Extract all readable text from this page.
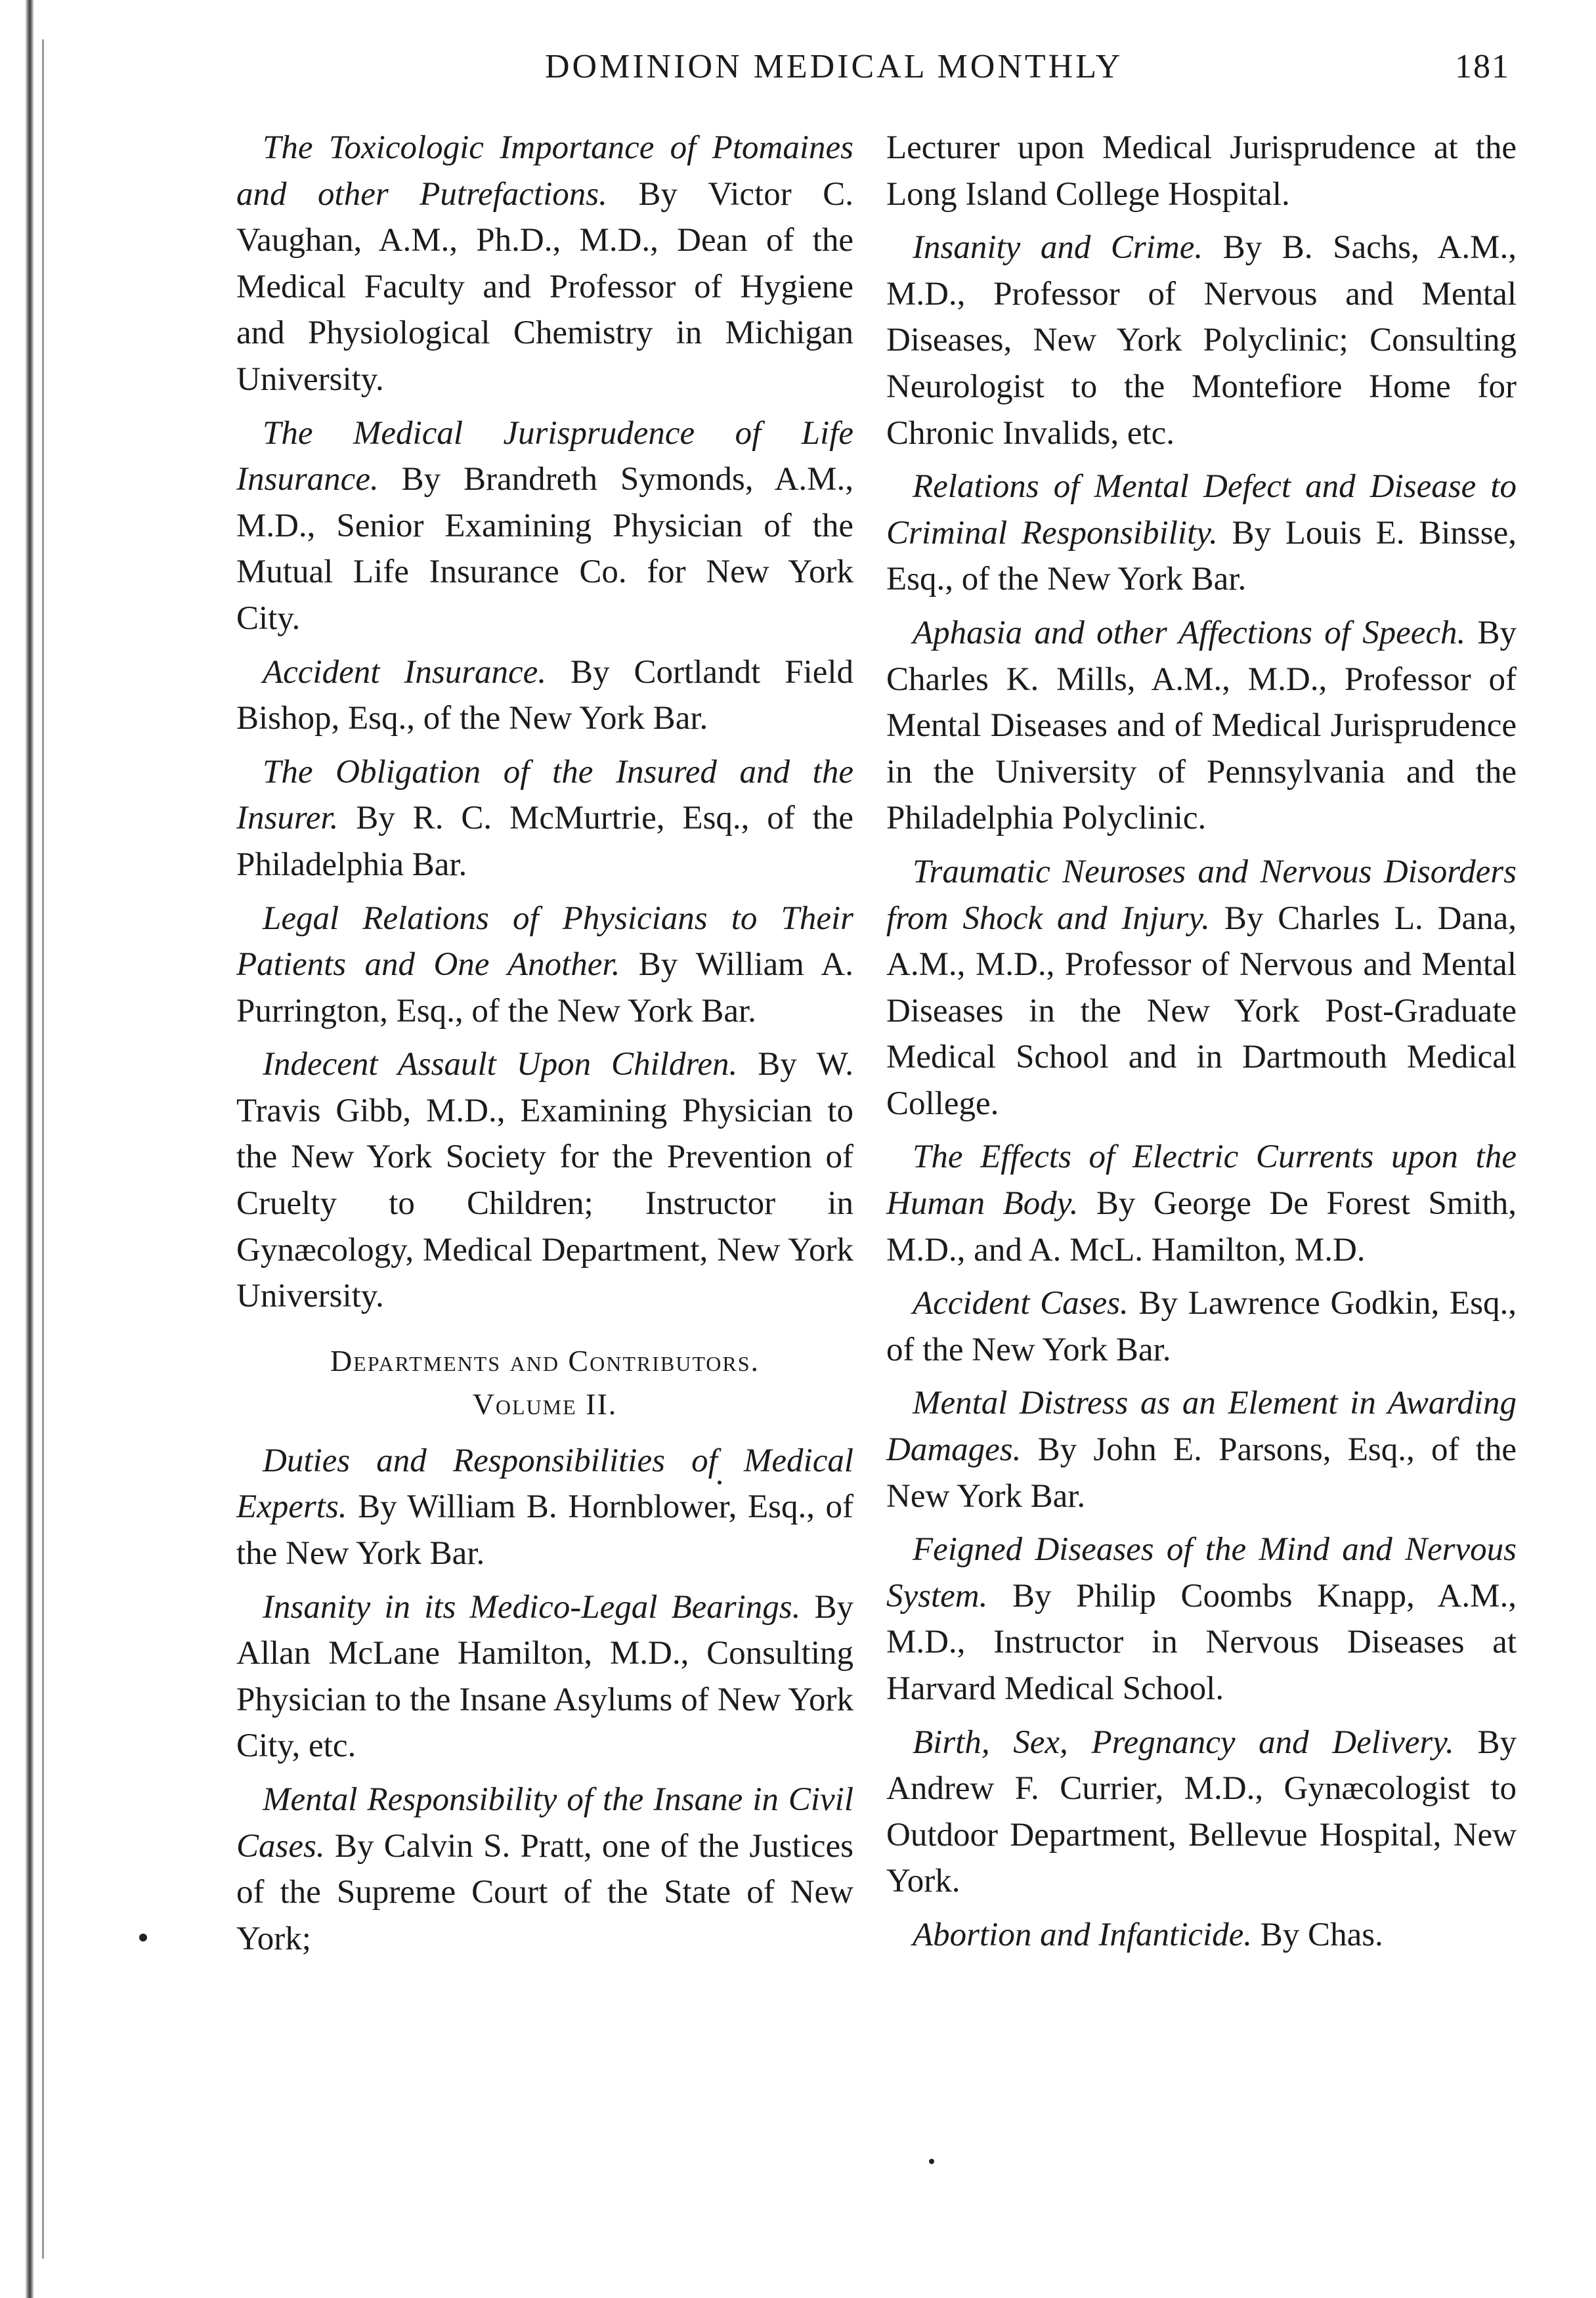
DOMINION MEDICAL MONTHLY	181

The Toxicologic Importance of Ptomaines and other Putrefactions. By Victor C. Vaughan, A.M., Ph.D., M.D., Dean of the Medical Faculty and Professor of Hygiene and Physiological Chemistry in Michigan University.

The Medical Jurisprudence of Life Insurance. By Brandreth Symonds, A.M., M.D., Senior Examining Physician of the Mutual Life Insurance Co. for New York City.

Accident Insurance. By Cortlandt Field Bishop, Esq., of the New York Bar.

The Obligation of the Insured and the Insurer. By R. C. McMurtrie, Esq., of the Philadelphia Bar.

Legal Relations of Physicians to Their Patients and One Another. By William A. Purrington, Esq., of the New York Bar.

Indecent Assault Upon Children. By W. Travis Gibb, M.D., Examining Physician to the New York Society for the Prevention of Cruelty to Children; Instructor in Gynæcology, Medical Department, New York University.

Departments and Contributors.
Volume II.

Duties and Responsibilities of Medical Experts. By William B. Hornblower, Esq., of the New York Bar.

Insanity in its Medico-Legal Bearings. By Allan McLane Hamilton, M.D., Consulting Physician to the Insane Asylums of New York City, etc.

Mental Responsibility of the Insane in Civil Cases. By Calvin S. Pratt, one of the Justices of the Supreme Court of the State of New York;

Lecturer upon Medical Jurisprudence at the Long Island College Hospital.

Insanity and Crime. By B. Sachs, A.M., M.D., Professor of Nervous and Mental Diseases, New York Polyclinic; Consulting Neurologist to the Montefiore Home for Chronic Invalids, etc.

Relations of Mental Defect and Disease to Criminal Responsibility. By Louis E. Binsse, Esq., of the New York Bar.

Aphasia and other Affections of Speech. By Charles K. Mills, A.M., M.D., Professor of Mental Diseases and of Medical Jurisprudence in the University of Pennsylvania and the Philadelphia Polyclinic.

Traumatic Neuroses and Nervous Disorders from Shock and Injury. By Charles L. Dana, A.M., M.D., Professor of Nervous and Mental Diseases in the New York Post-Graduate Medical School and in Dartmouth Medical College.

The Effects of Electric Currents upon the Human Body. By George De Forest Smith, M.D., and A. McL. Hamilton, M.D.

Accident Cases. By Lawrence Godkin, Esq., of the New York Bar.

Mental Distress as an Element in Awarding Damages. By John E. Parsons, Esq., of the New York Bar.

Feigned Diseases of the Mind and Nervous System. By Philip Coombs Knapp, A.M., M.D., Instructor in Nervous Diseases at Harvard Medical School.

Birth, Sex, Pregnancy and Delivery. By Andrew F. Currier, M.D., Gynæcologist to Outdoor Department, Bellevue Hospital, New York.

Abortion and Infanticide. By Chas.
